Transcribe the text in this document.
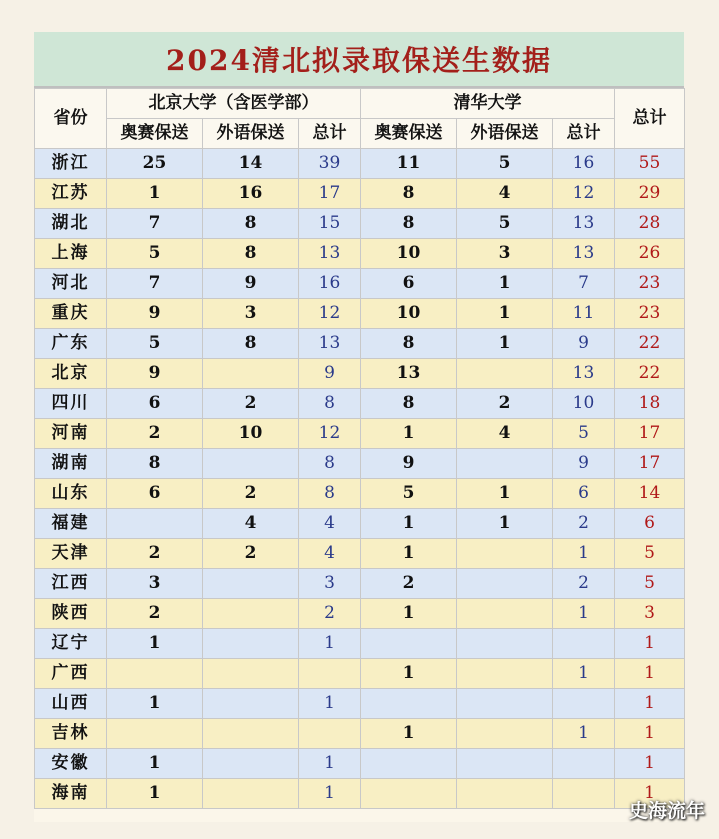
2024清北拟录取保送生数据
省份	北京大学（含医学部）			清华大学			总计
	奥赛保送	外语保送	总计	奥赛保送	外语保送	总计	
浙江	25	14	39	11	5	16	55
江苏	1	16	17	8	4	12	29
湖北	7	8	15	8	5	13	28
上海	5	8	13	10	3	13	26
河北	7	9	16	6	1	7	23
重庆	9	3	12	10	1	11	23
广东	5	8	13	8	1	9	22
北京	9		9	13		13	22
四川	6	2	8	8	2	10	18
河南	2	10	12	1	4	5	17
湖南	8		8	9		9	17
山东	6	2	8	5	1	6	14
福建		4	4	1	1	2	6
天津	2	2	4	1		1	5
江西	3		3	2		2	5
陕西	2		2	1		1	3
辽宁	1		1				1
广西				1		1	1
山西	1		1				1
吉林				1		1	1
安徽	1		1				1
海南	1		1				1
史海流年
